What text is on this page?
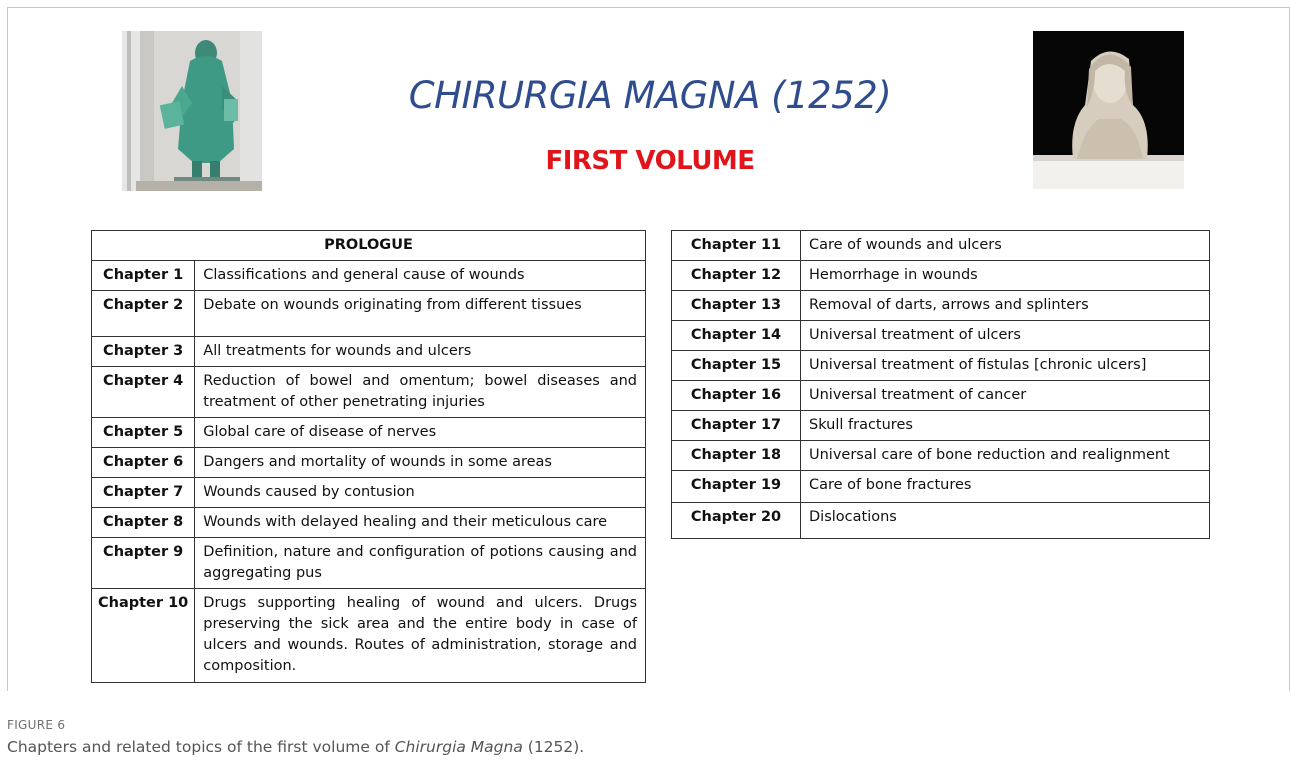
CHIRURGIA MAGNA (1252)
FIRST VOLUME
PROLOGUE	
Chapter 1	Classifications and general cause of wounds
Chapter 2	Debate on wounds originating from different tissues
Chapter 3	All treatments for wounds and ulcers
Chapter 4	Reduction of bowel and omentum; bowel diseases and treatment of other penetrating injuries
Chapter 5	Global care of disease of nerves
Chapter 6	Dangers and mortality of wounds in some areas
Chapter 7	Wounds caused by contusion
Chapter 8	Wounds with delayed healing and their meticulous care
Chapter 9	Definition, nature and configuration of potions causing and aggregating pus
Chapter 10	Drugs supporting healing of wound and ulcers. Drugs preserving the sick area and the entire body in case of ulcers and wounds. Routes of administration, storage and composition.
Chapter 11	Care of wounds and ulcers
Chapter 12	Hemorrhage in wounds
Chapter 13	Removal of darts, arrows and splinters
Chapter 14	Universal treatment of ulcers
Chapter 15	Universal treatment of fistulas [chronic ulcers]
Chapter 16	Universal treatment of cancer
Chapter 17	Skull fractures
Chapter 18	Universal care of bone reduction and realignment
Chapter 19	Care of bone fractures
Chapter 20	Dislocations
FIGURE 6
Chapters and related topics of the first volume of Chirurgia Magna (1252).
